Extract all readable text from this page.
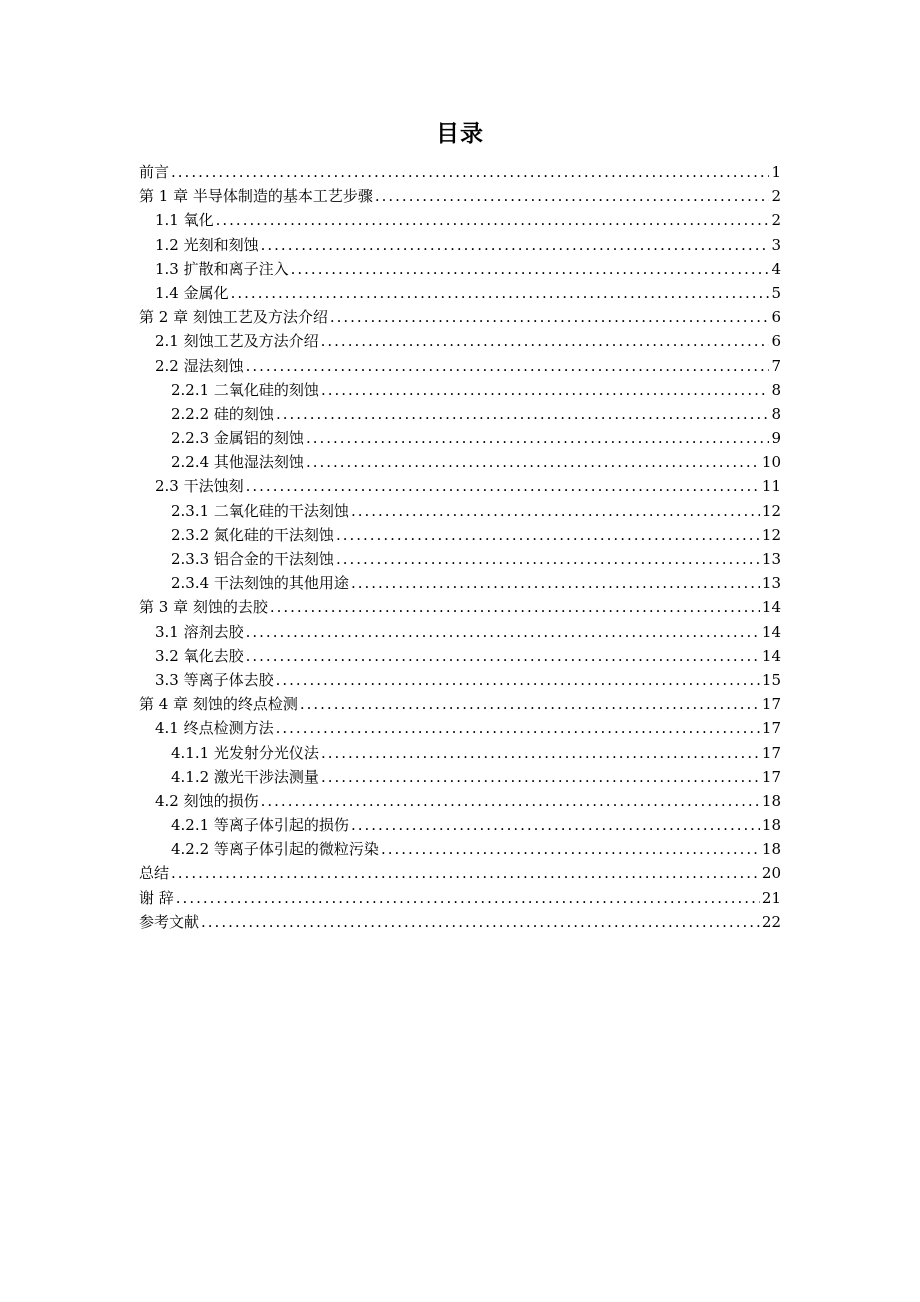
目录
前言 .....	1
第 1 章 半导体制造的基本工艺步骤 .....	2
1.1 氧化 .....	2
1.2 光刻和刻蚀 .....	3
1.3 扩散和离子注入 .....	4
1.4 金属化 .....	5
第 2 章 刻蚀工艺及方法介绍 .....	6
2.1 刻蚀工艺及方法介绍 .....	6
2.2 湿法刻蚀 .....	7
2.2.1 二氧化硅的刻蚀 .....	8
2.2.2 硅的刻蚀 .....	8
2.2.3 金属铝的刻蚀 .....	9
2.2.4 其他湿法刻蚀 .....	10
2.3 干法蚀刻 .....	11
2.3.1 二氧化硅的干法刻蚀 .....	12
2.3.2 氮化硅的干法刻蚀 .....	12
2.3.3 铝合金的干法刻蚀 .....	13
2.3.4 干法刻蚀的其他用途 .....	13
第 3 章 刻蚀的去胶 .....	14
3.1 溶剂去胶 .....	14
3.2 氧化去胶 .....	14
3.3 等离子体去胶 .....	15
第 4 章 刻蚀的终点检测 .....	17
4.1 终点检测方法 .....	17
4.1.1 光发射分光仪法 .....	17
4.1.2 激光干涉法测量 .....	17
4.2 刻蚀的损伤 .....	18
4.2.1 等离子体引起的损伤 .....	18
4.2.2 等离子体引起的微粒污染 .....	18
总结 .....	20
谢 辞 .....	21
参考文献 .....	22
